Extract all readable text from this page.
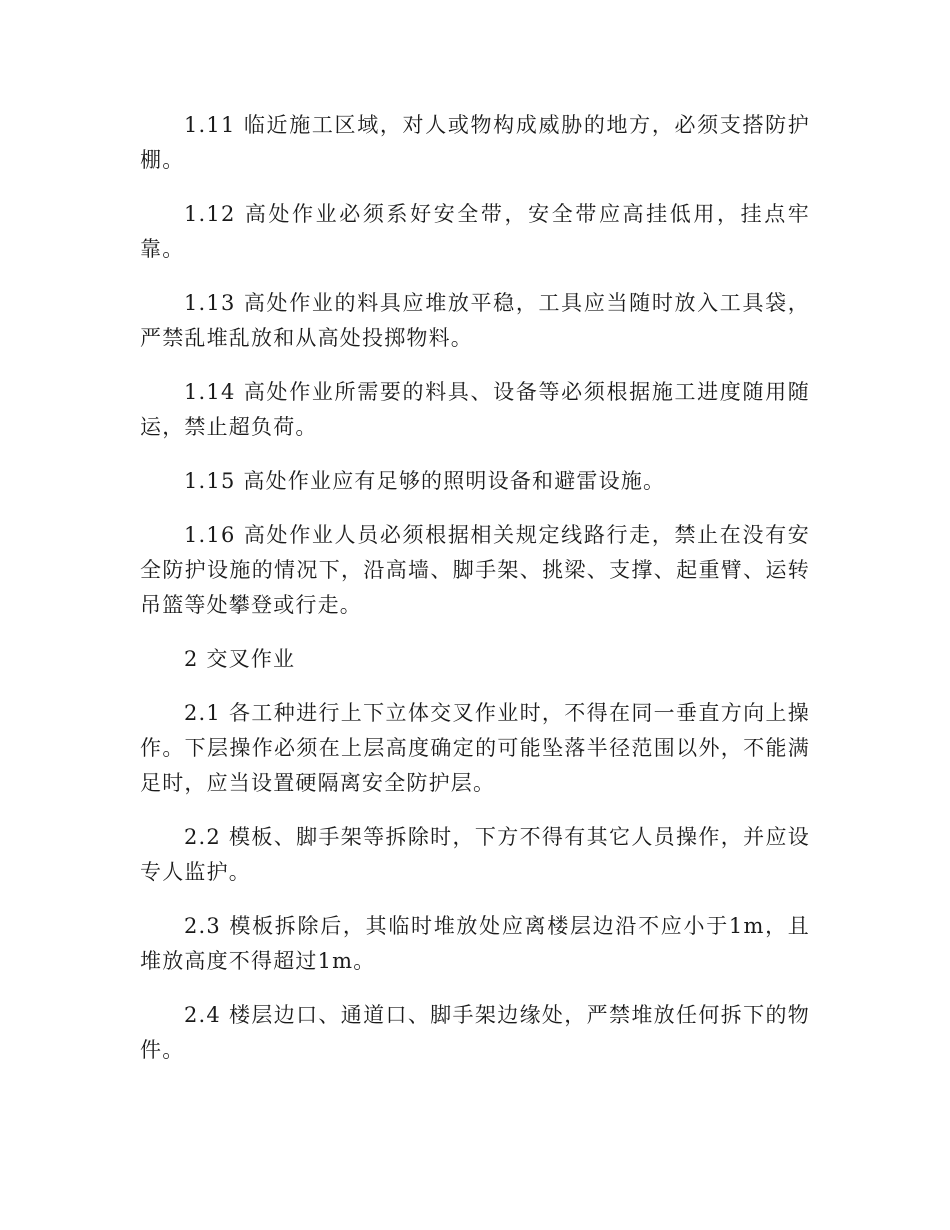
1.11 临近施工区域，对人或物构成威胁的地方，必须支搭防护棚。

1.12 高处作业必须系好安全带，安全带应高挂低用，挂点牢靠。

1.13 高处作业的料具应堆放平稳，工具应当随时放入工具袋，严禁乱堆乱放和从高处投掷物料。

1.14 高处作业所需要的料具、设备等必须根据施工进度随用随运，禁止超负荷。

1.15 高处作业应有足够的照明设备和避雷设施。

1.16 高处作业人员必须根据相关规定线路行走，禁止在没有安全防护设施的情况下，沿高墙、脚手架、挑梁、支撑、起重臂、运转吊篮等处攀登或行走。

2 交叉作业

2.1 各工种进行上下立体交叉作业时，不得在同一垂直方向上操作。下层操作必须在上层高度确定的可能坠落半径范围以外，不能满足时，应当设置硬隔离安全防护层。

2.2 模板、脚手架等拆除时，下方不得有其它人员操作，并应设专人监护。

2.3 模板拆除后，其临时堆放处应离楼层边沿不应小于1m，且堆放高度不得超过1m。

2.4 楼层边口、通道口、脚手架边缘处，严禁堆放任何拆下的物件。
